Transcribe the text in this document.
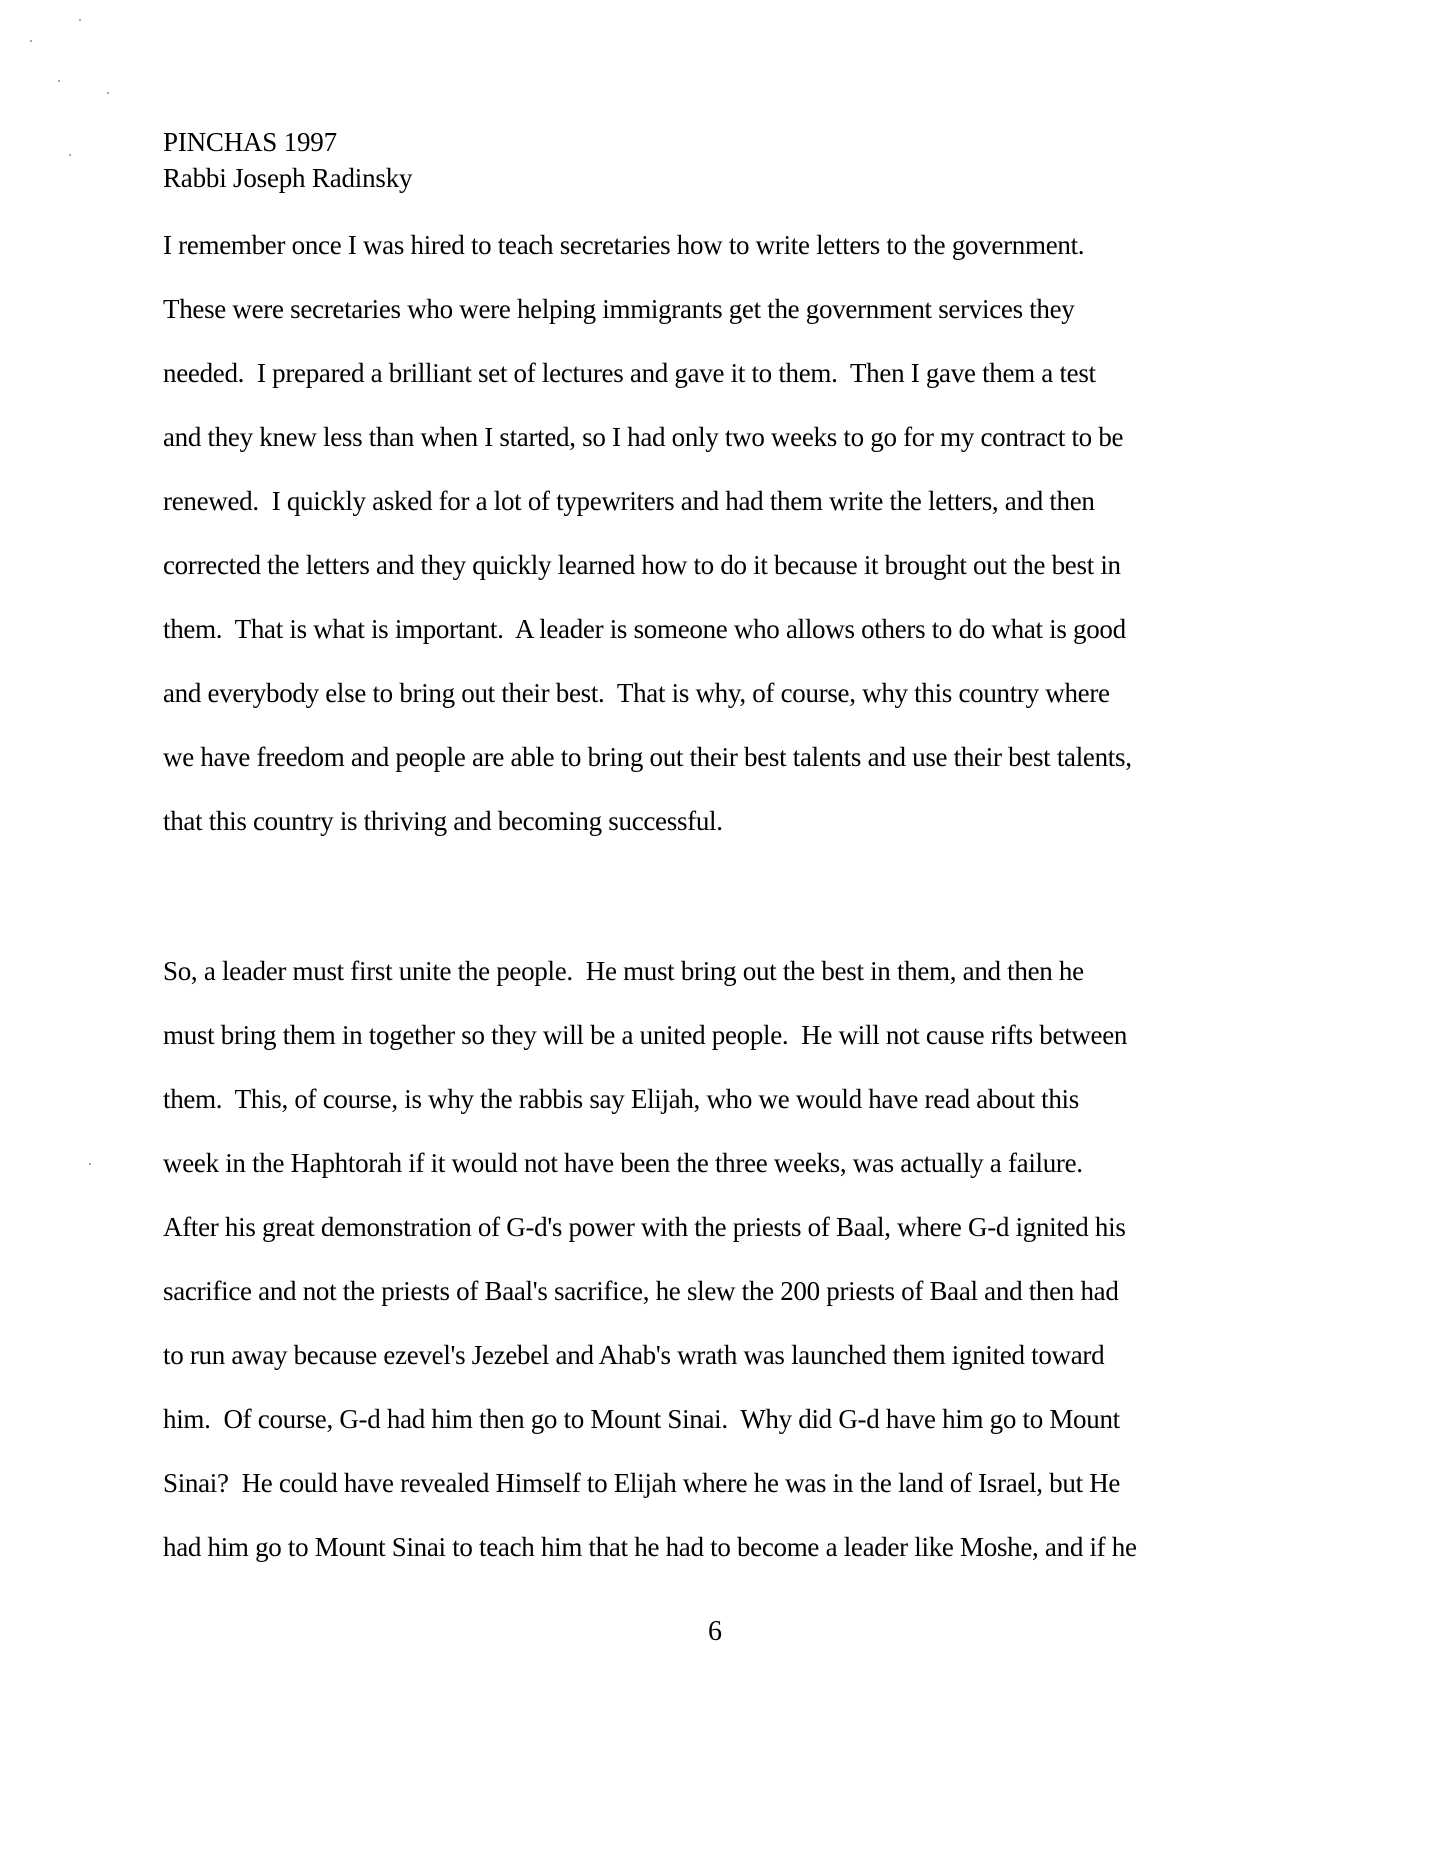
PINCHAS 1997
Rabbi Joseph Radinsky
I remember once I was hired to teach secretaries how to write letters to the government.
These were secretaries who were helping immigrants get the government services they
needed.  I prepared a brilliant set of lectures and gave it to them.  Then I gave them a test
and they knew less than when I started, so I had only two weeks to go for my contract to be
renewed.  I quickly asked for a lot of typewriters and had them write the letters, and then
corrected the letters and they quickly learned how to do it because it brought out the best in
them.  That is what is important.  A leader is someone who allows others to do what is good
and everybody else to bring out their best.  That is why, of course, why this country where
we have freedom and people are able to bring out their best talents and use their best talents,
that this country is thriving and becoming successful.
So, a leader must first unite the people.  He must bring out the best in them, and then he
must bring them in together so they will be a united people.  He will not cause rifts between
them.  This, of course, is why the rabbis say Elijah, who we would have read about this
week in the Haphtorah if it would not have been the three weeks, was actually a failure.
After his great demonstration of G-d's power with the priests of Baal, where G-d ignited his
sacrifice and not the priests of Baal's sacrifice, he slew the 200 priests of Baal and then had
to run away because ezevel's Jezebel and Ahab's wrath was launched them ignited toward
him.  Of course, G-d had him then go to Mount Sinai.  Why did G-d have him go to Mount
Sinai?  He could have revealed Himself to Elijah where he was in the land of Israel, but He
had him go to Mount Sinai to teach him that he had to become a leader like Moshe, and if he
6
